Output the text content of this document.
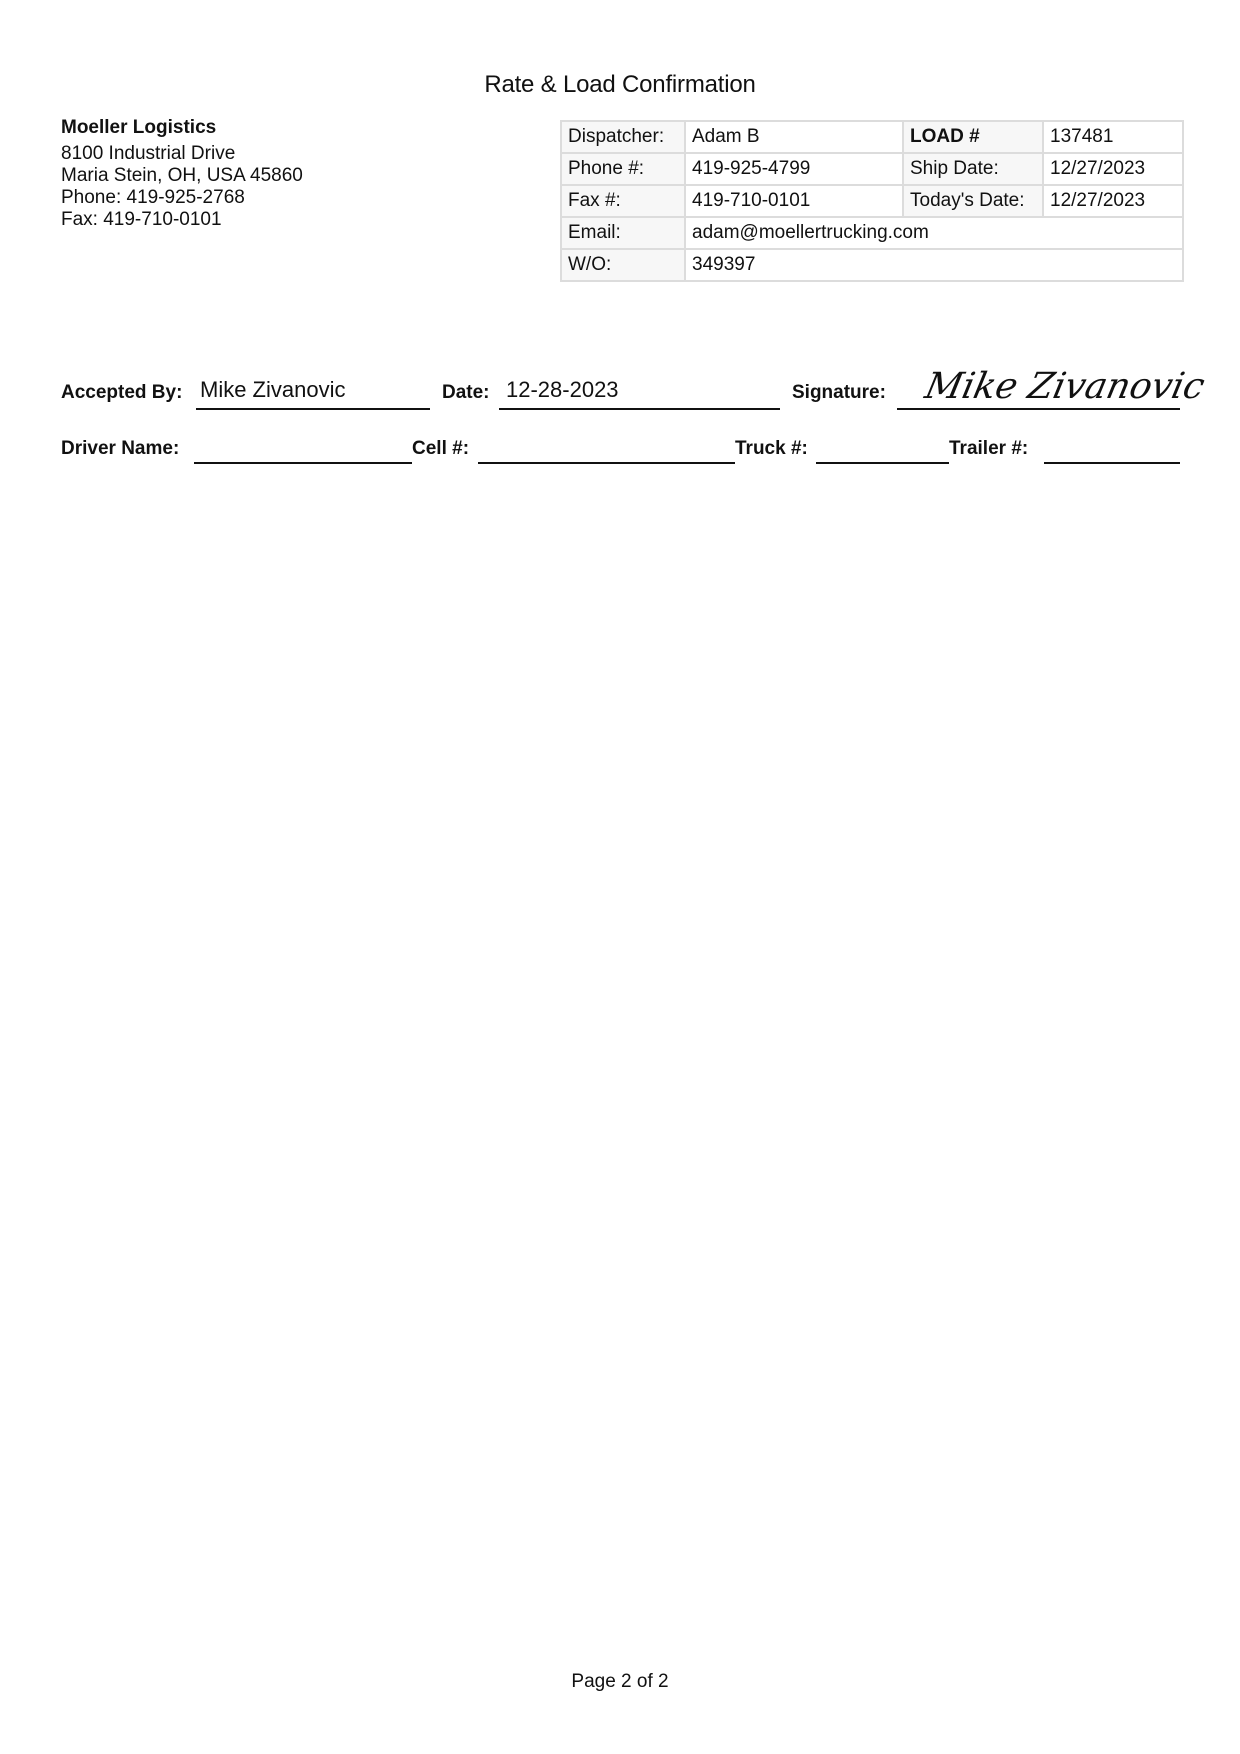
Rate & Load Confirmation
Moeller Logistics
8100 Industrial Drive
Maria Stein, OH, USA 45860
Phone: 419-925-2768
Fax: 419-710-0101
Dispatcher:	Adam B	LOAD #	137481
Phone #:	419-925-4799	Ship Date:	12/27/2023
Fax #:	419-710-0101	Today's Date:	12/27/2023
Email:	adam@moellertrucking.com		
W/O:	349397		
Accepted By: Mike Zivanovic	Date: 12-28-2023	Signature: Mike Zivanovic
Driver Name:	Cell #:	Truck #:	Trailer #:
Page 2 of 2
